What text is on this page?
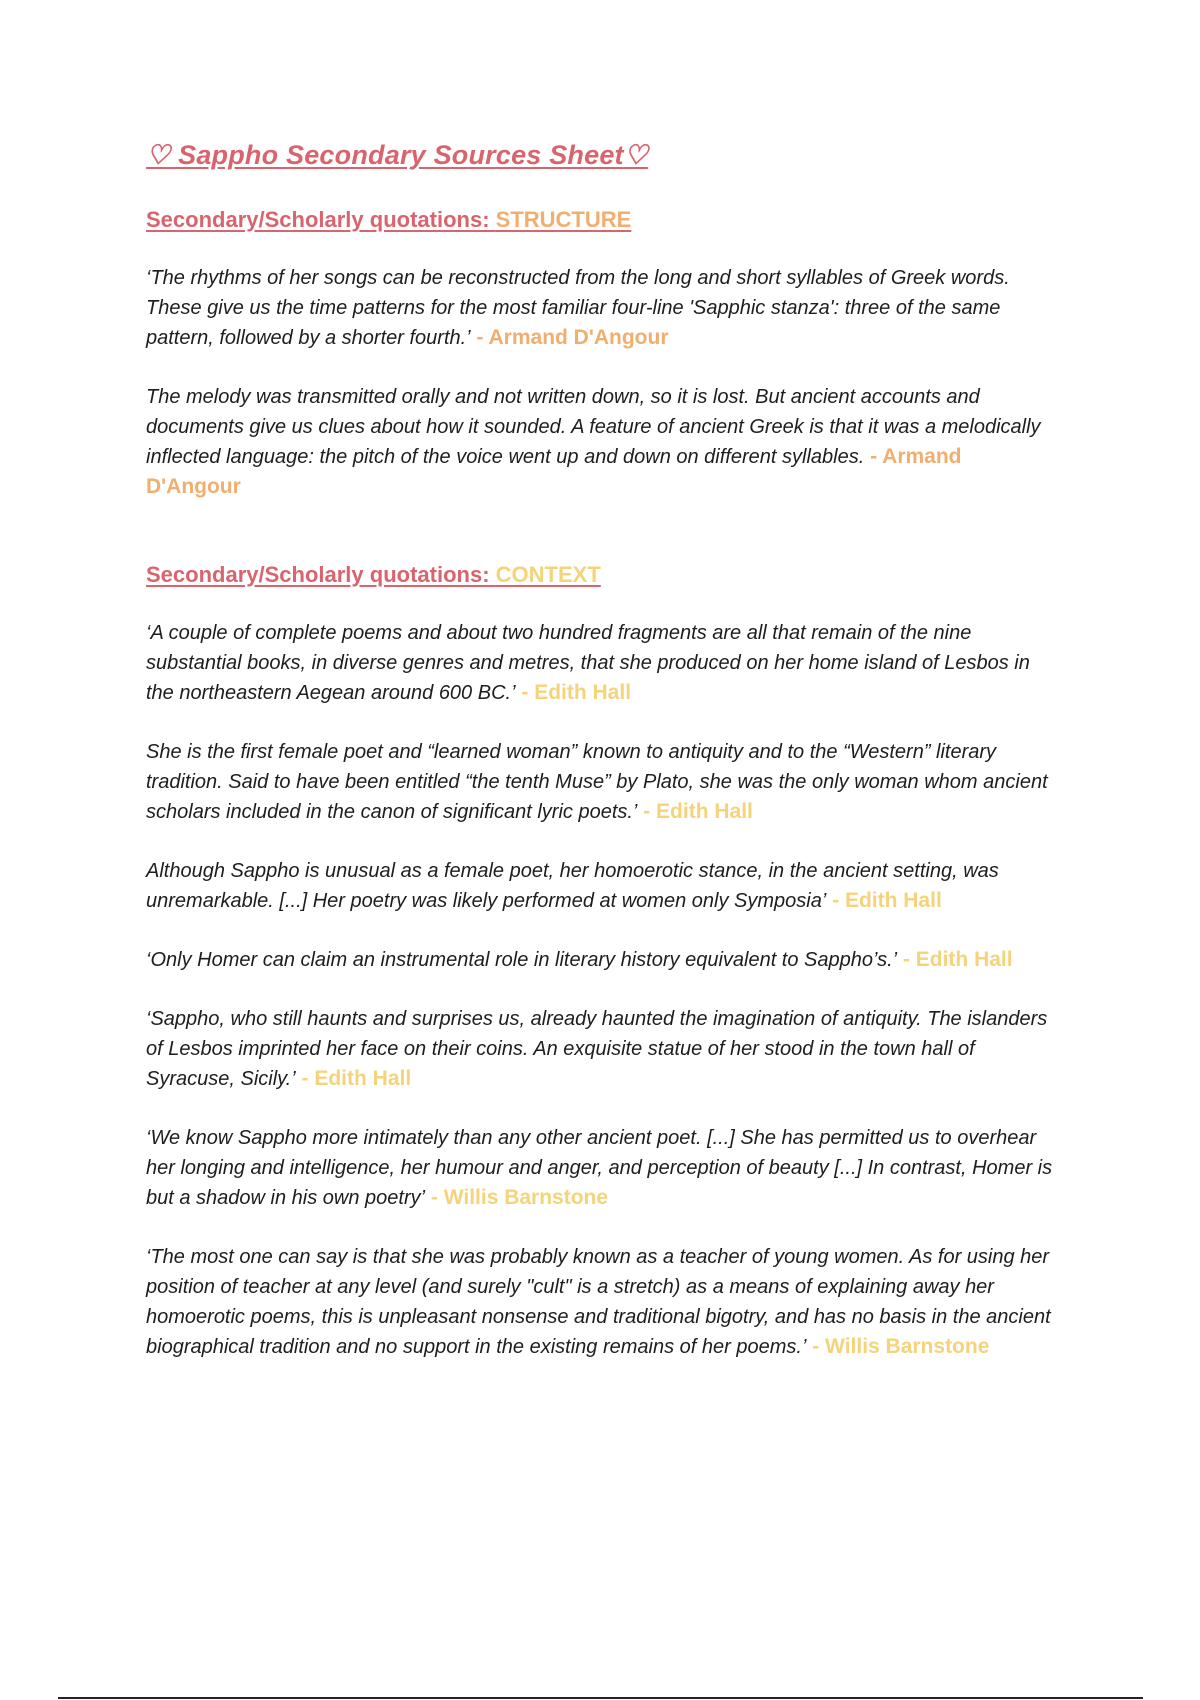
♡ Sappho Secondary Sources Sheet♡
Secondary/Scholarly quotations: STRUCTURE

‘The rhythms of her songs can be reconstructed from the long and short syllables of Greek words. These give us the time patterns for the most familiar four-line 'Sapphic stanza': three of the same pattern, followed by a shorter fourth.’ - Armand D'Angour

The melody was transmitted orally and not written down, so it is lost. But ancient accounts and documents give us clues about how it sounded. A feature of ancient Greek is that it was a melodically inflected language: the pitch of the voice went up and down on different syllables. - Armand D'Angour

Secondary/Scholarly quotations: CONTEXT

‘A couple of complete poems and about two hundred fragments are all that remain of the nine substantial books, in diverse genres and metres, that she produced on her home island of Lesbos in the northeastern Aegean around 600 BC.’ - Edith Hall

She is the first female poet and “learned woman” known to antiquity and to the “Western” literary tradition. Said to have been entitled “the tenth Muse” by Plato, she was the only woman whom ancient scholars included in the canon of significant lyric poets.’ - Edith Hall

Although Sappho is unusual as a female poet, her homoerotic stance, in the ancient setting, was unremarkable. [...] Her poetry was likely performed at women only Symposia’ - Edith Hall

‘Only Homer can claim an instrumental role in literary history equivalent to Sappho’s.’ - Edith Hall

‘Sappho, who still haunts and surprises us, already haunted the imagination of antiquity. The islanders of Lesbos imprinted her face on their coins. An exquisite statue of her stood in the town hall of Syracuse, Sicily.’ - Edith Hall

‘We know Sappho more intimately than any other ancient poet. [...] She has permitted us to overhear her longing and intelligence, her humour and anger, and perception of beauty [...] In contrast, Homer is but a shadow in his own poetry’ - Willis Barnstone

‘The most one can say is that she was probably known as a teacher of young women. As for using her position of teacher at any level (and surely "cult" is a stretch) as a means of explaining away her homoerotic poems, this is unpleasant nonsense and traditional bigotry, and has no basis in the ancient biographical tradition and no support in the existing remains of her poems.’ - Willis Barnstone
